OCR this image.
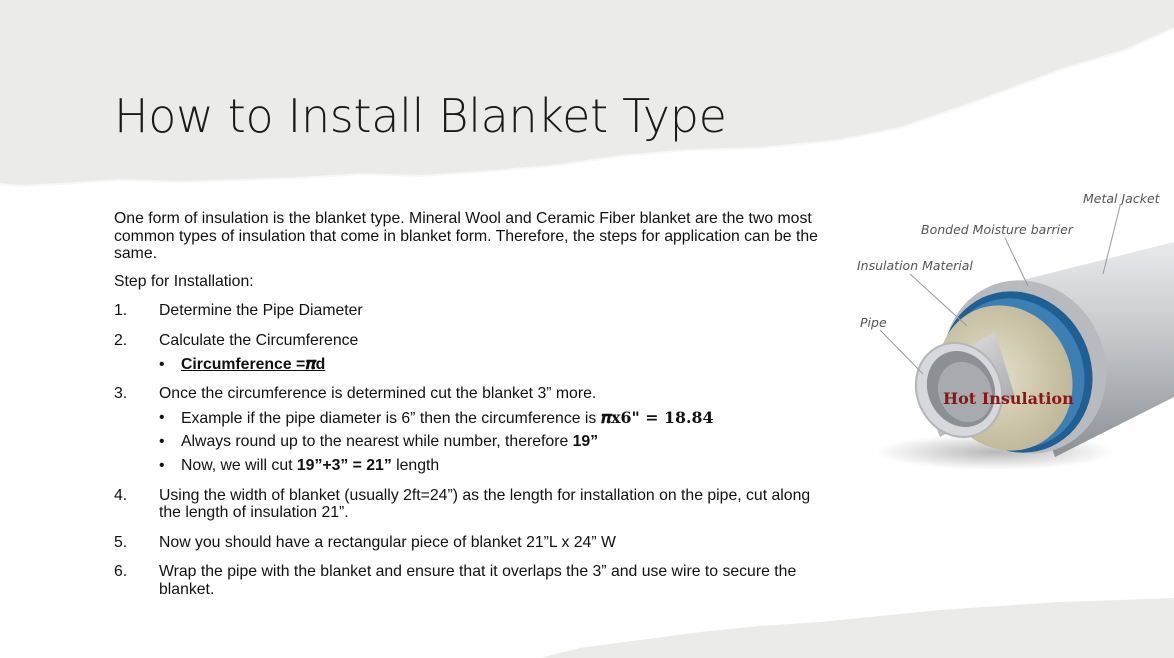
How to Install Blanket Type

One form of insulation is the blanket type. Mineral Wool and Ceramic Fiber blanket are the two most common types of insulation that come in blanket form. Therefore, the steps for application can be the same.

Step for Installation:

1.	Determine the Pipe Diameter
2.	Calculate the Circumference
•	Circumference =𝝅d
3.	Once the circumference is determined cut the blanket 3” more.
•	Example if the pipe diameter is 6” then the circumference is 𝝅x6" = 18.84
•	Always round up to the nearest while number, therefore 19”
•	Now, we will cut 19”+3” = 21” length
4.	Using the width of blanket (usually 2ft=24”) as the length for installation on the pipe, cut along the length of insulation 21”.
5.	Now you should have a rectangular piece of blanket 21”L x 24” W
6.	Wrap the pipe with the blanket and ensure that it overlaps the 3” and use wire to secure the blanket.
Metal Jacket
Bonded Moisture barrier
Insulation Material
Pipe
Hot Insulation
